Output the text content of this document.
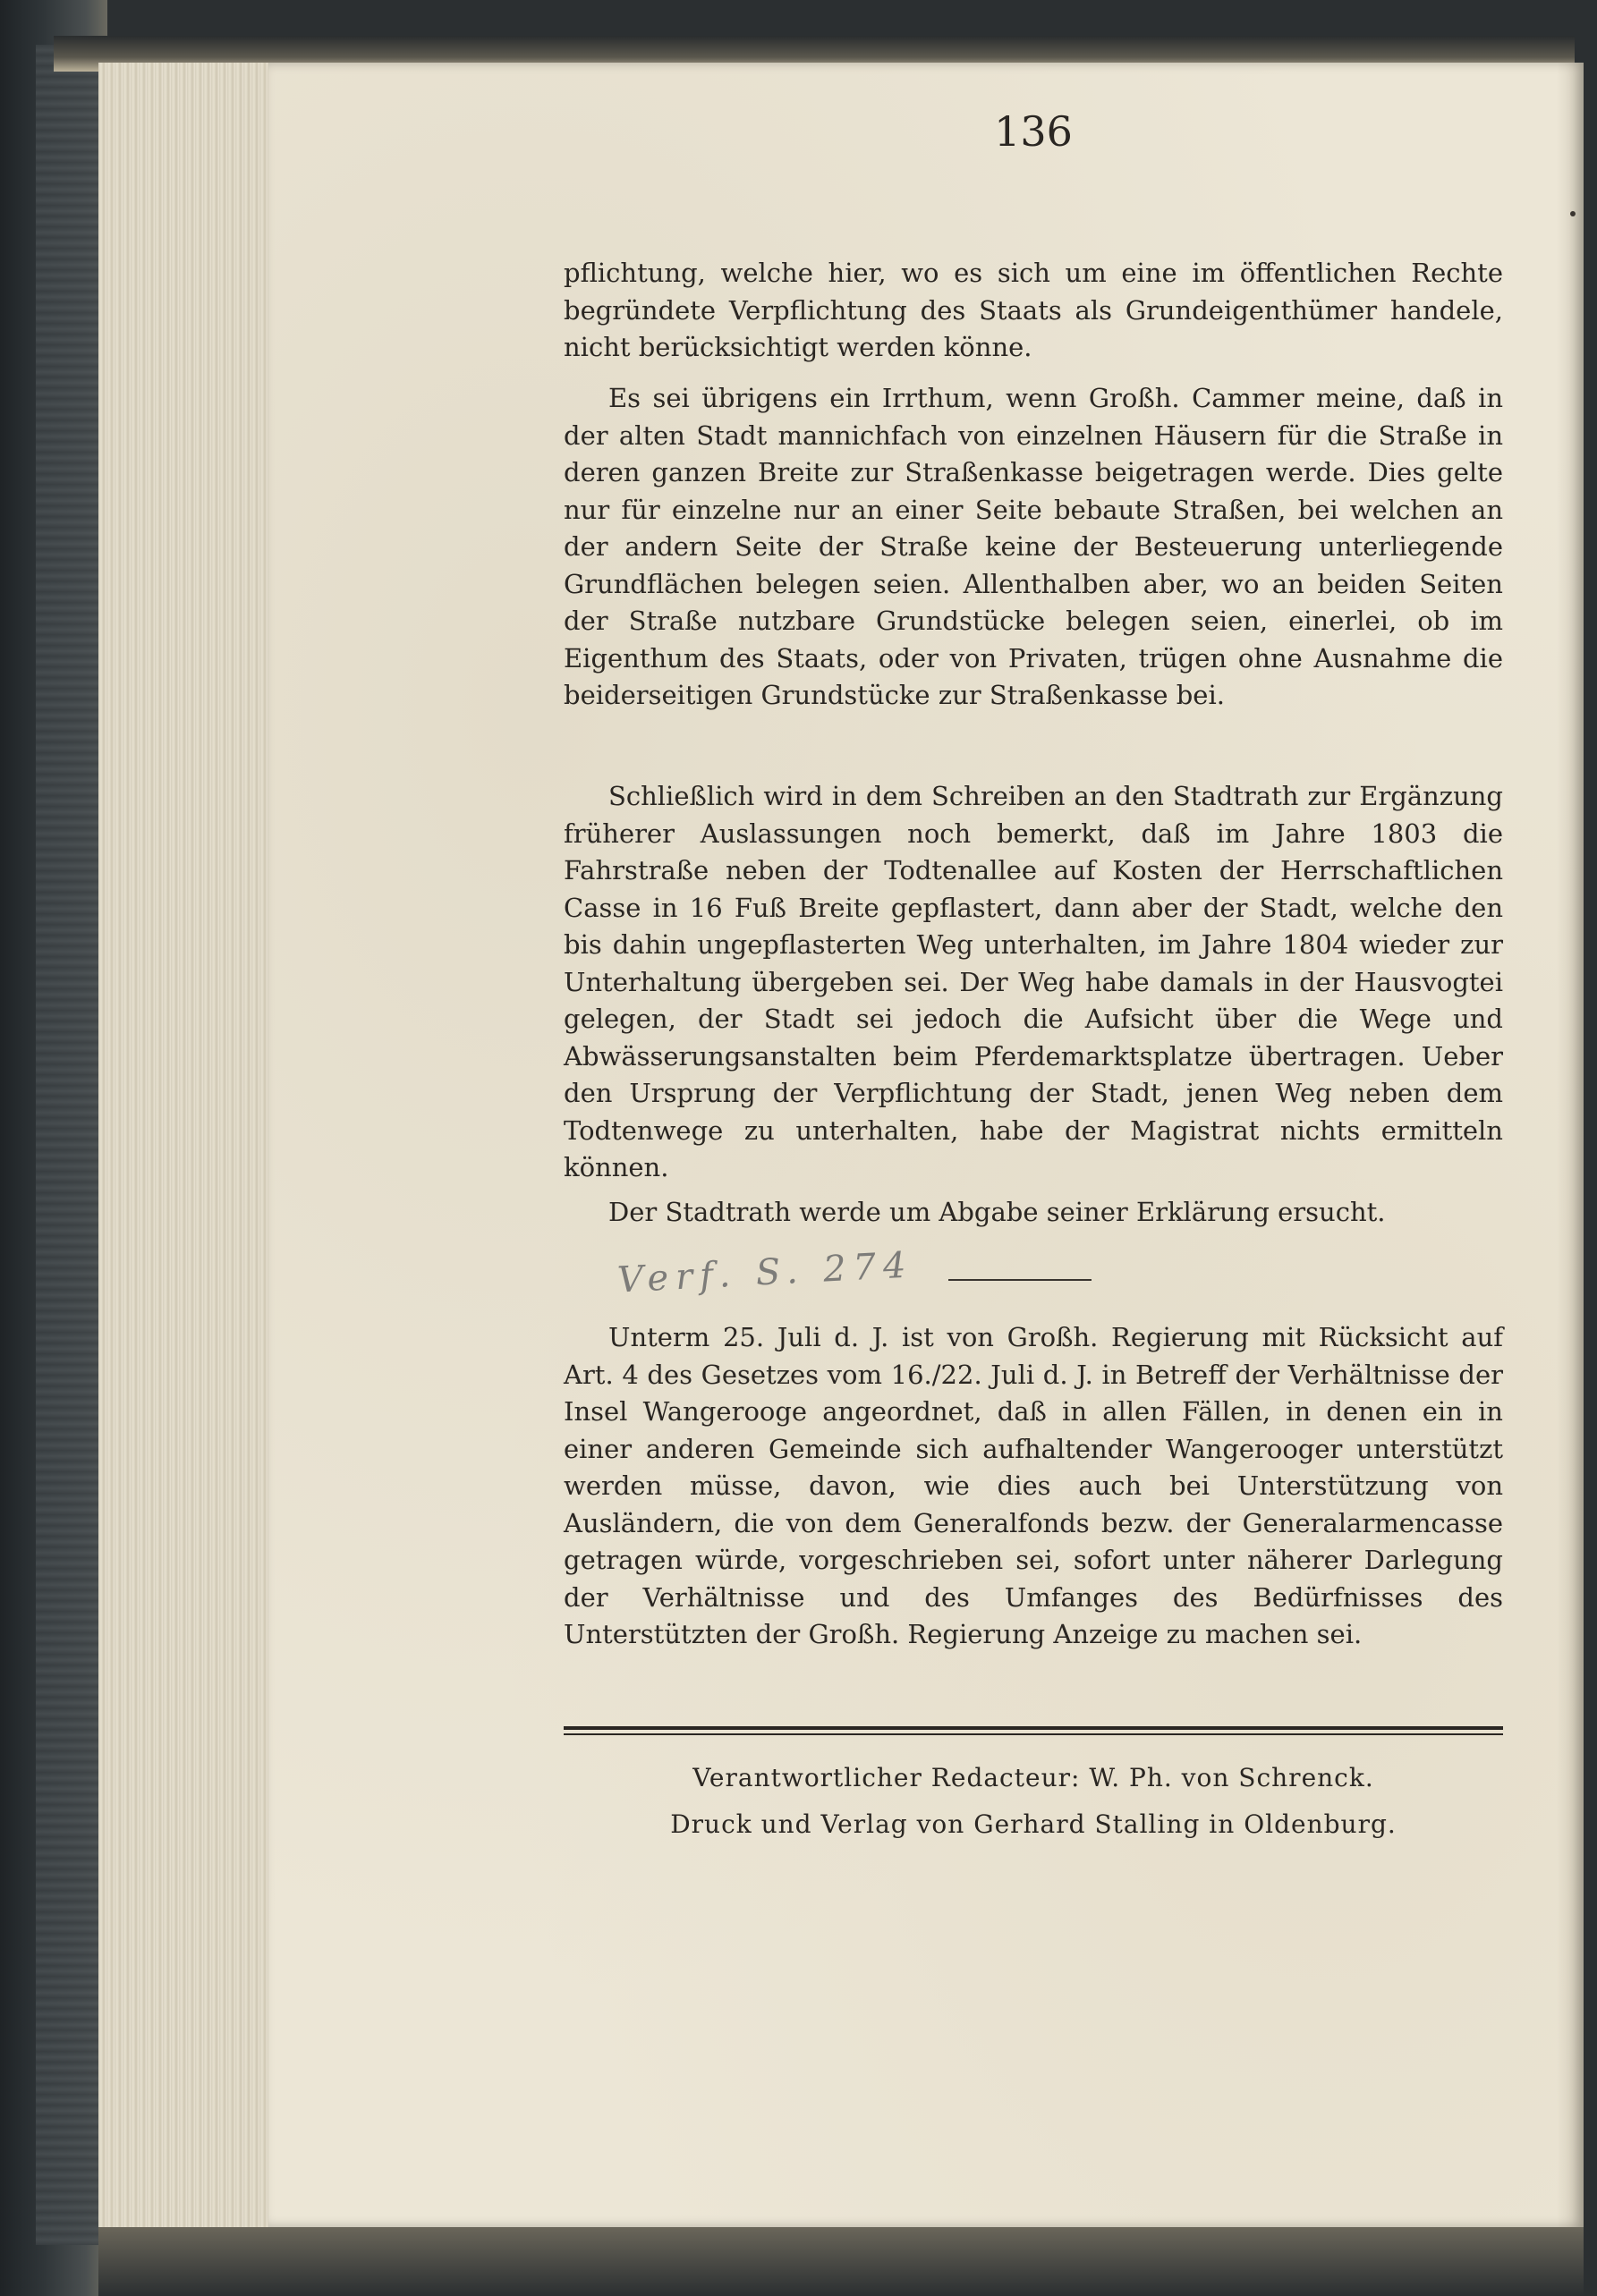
136

pflichtung, welche hier, wo es sich um eine im öffentlichen Rechte begründete Verpflichtung des Staats als Grundeigenthümer handele, nicht berücksichtigt werden könne.

Es sei übrigens ein Irrthum, wenn Großh. Cammer meine, daß in der alten Stadt mannichfach von einzelnen Häusern für die Straße in deren ganzen Breite zur Straßenkasse beigetragen werde. Dies gelte nur für einzelne nur an einer Seite bebaute Straßen, bei welchen an der andern Seite der Straße keine der Besteuerung unterliegende Grundflächen belegen seien. Allenthalben aber, wo an beiden Seiten der Straße nutzbare Grundstücke belegen seien, einerlei, ob im Eigenthum des Staats, oder von Privaten, trügen ohne Ausnahme die beiderseitigen Grundstücke zur Straßenkasse bei.

Schließlich wird in dem Schreiben an den Stadtrath zur Ergänzung früherer Auslassungen noch bemerkt, daß im Jahre 1803 die Fahrstraße neben der Todtenallee auf Kosten der Herrschaftlichen Casse in 16 Fuß Breite gepflastert, dann aber der Stadt, welche den bis dahin ungepflasterten Weg unterhalten, im Jahre 1804 wieder zur Unterhaltung übergeben sei. Der Weg habe damals in der Hausvogtei gelegen, der Stadt sei jedoch die Aufsicht über die Wege und Abwässerungsanstalten beim Pferdemarktsplatze übertragen. Ueber den Ursprung der Verpflichtung der Stadt, jenen Weg neben dem Todtenwege zu unterhalten, habe der Magistrat nichts ermitteln können.

Der Stadtrath werde um Abgabe seiner Erklärung ersucht.

Verf. S. 274

Unterm 25. Juli d. J. ist von Großh. Regierung mit Rücksicht auf Art. 4 des Gesetzes vom 16./22. Juli d. J. in Betreff der Verhältnisse der Insel Wangerooge angeordnet, daß in allen Fällen, in denen ein in einer anderen Gemeinde sich aufhaltender Wangerooger unterstützt werden müsse, davon, wie dies auch bei Unterstützung von Ausländern, die von dem Generalfonds bezw. der Generalarmencasse getragen würde, vorgeschrieben sei, sofort unter näherer Darlegung der Verhältnisse und des Umfanges des Bedürfnisses des Unterstützten der Großh. Regierung Anzeige zu machen sei.

Verantwortlicher Redacteur: W. Ph. von Schrenck.
Druck und Verlag von Gerhard Stalling in Oldenburg.
